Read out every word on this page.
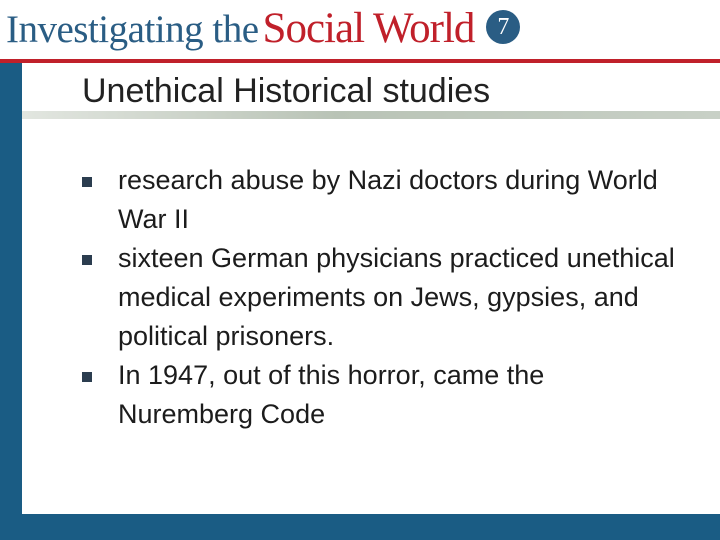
Investigating the Social World 7
Unethical Historical studies
research abuse by Nazi doctors during World War II
sixteen German physicians practiced unethical medical experiments on Jews, gypsies, and political prisoners.
In 1947, out of this horror, came the Nuremberg Code
